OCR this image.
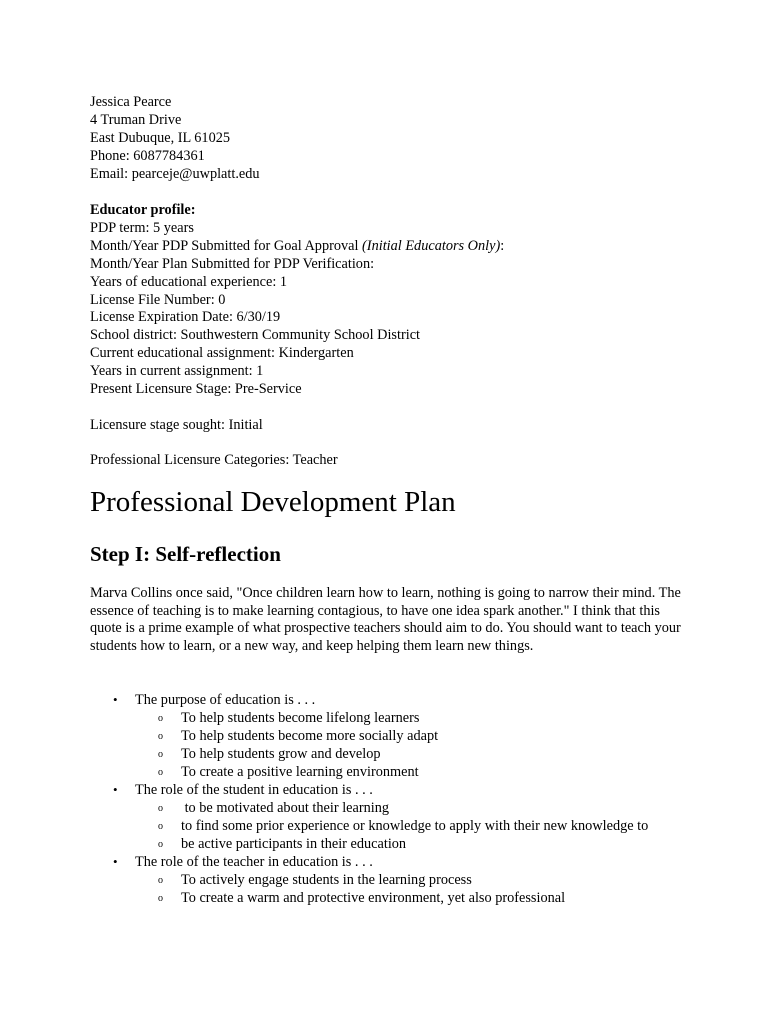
Jessica Pearce
4 Truman Drive
East Dubuque, IL 61025
Phone: 6087784361
Email: pearceje@uwplatt.edu
Educator profile:
PDP term: 5 years
Month/Year PDP Submitted for Goal Approval (Initial Educators Only):
Month/Year Plan Submitted for PDP Verification:
Years of educational experience: 1
License File Number: 0
License Expiration Date: 6/30/19
School district: Southwestern Community School District
Current educational assignment: Kindergarten
Years in current assignment: 1
Present Licensure Stage: Pre-Service
Licensure stage sought: Initial
Professional Licensure Categories: Teacher
Professional Development Plan
Step I: Self-reflection
Marva Collins once said, "Once children learn how to learn, nothing is going to narrow their mind. The essence of teaching is to make learning contagious, to have one idea spark another." I think that this quote is a prime example of what prospective teachers should aim to do. You should want to teach your students how to learn, or a new way, and keep helping them learn new things.
• The purpose of education is . . .
o To help students become lifelong learners
o To help students become more socially adapt
o To help students grow and develop
o To create a positive learning environment
• The role of the student in education is . . .
o to be motivated about their learning
o to find some prior experience or knowledge to apply with their new knowledge to
o be active participants in their education
• The role of the teacher in education is . . .
o To actively engage students in the learning process
o To create a warm and protective environment, yet also professional
